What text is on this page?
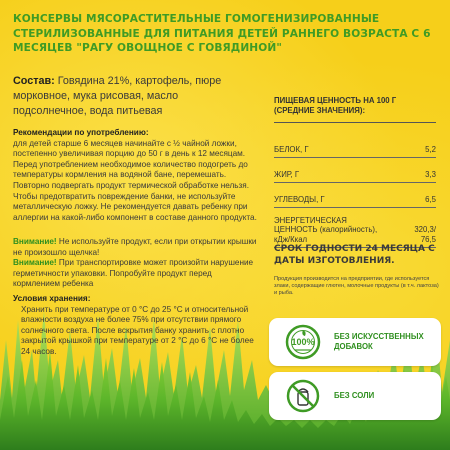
КОНСЕРВЫ МЯСОРАСТИТЕЛЬНЫЕ ГОМОГЕНИЗИРОВАННЫЕ СТЕРИЛИЗОВАННЫЕ ДЛЯ ПИТАНИЯ ДЕТЕЙ РАННЕГО ВОЗРАСТА С 6 МЕСЯЦЕВ "РАГУ ОВОЩНОЕ С ГОВЯДИНОЙ"
Состав: Говядина 21%, картофель, пюре морковное, мука рисовая, масло подсолнечное, вода питьевая
Рекомендации по употреблению:
для детей старше 6 месяцев начинайте с ½ чайной ложки, постепенно увеличивая порцию до 50 г в день к 12 месяцам. Перед употреблением необходимое количество подогреть до температуры кормления на водяной бане, перемешать. Повторно подвергать продукт термической обработке нельзя. Чтобы предотвратить повреждение банки, не используйте металлическую ложку. Не рекомендуется давать ребенку при аллергии на какой-либо компонент в составе данного продукта.
Внимание! Не используйте продукт, если при открытии крышки не произошло щелчка!
Внимание! При транспортировке может произойти нарушение герметичности упаковки. Попробуйте продукт перед кормлением ребенка
Условия хранения:
Хранить при температуре от 0 °С до 25 °С и относительной влажности воздуха не более 75% при отсутствии прямого солнечного света. После вскрытия банку хранить с плотно закрытой крышкой при температуре от 2 °С до 6 °С не более 24 часов.
ПИЩЕВАЯ ЦЕННОСТЬ НА 100 Г (СРЕДНИЕ ЗНАЧЕНИЯ):
БЕЛОК, Г	5,2
ЖИР, Г	3,3
УГЛЕВОДЫ, Г	6,5
ЭНЕРГЕТИЧЕСКАЯ ЦЕННОСТЬ (калорийность), кДж/Ккал
320,3/ 76,5
СРОК ГОДНОСТИ 24 МЕСЯЦА С ДАТЫ ИЗГОТОВЛЕНИЯ.
Продукция производится на предприятии, где используется злаки, содержащие глютен, молочные продукты (в т.ч. лактоза) и рыба.
100%
БЕЗ ИСКУССТВЕННЫХ ДОБАВОК
БЕЗ СОЛИ
